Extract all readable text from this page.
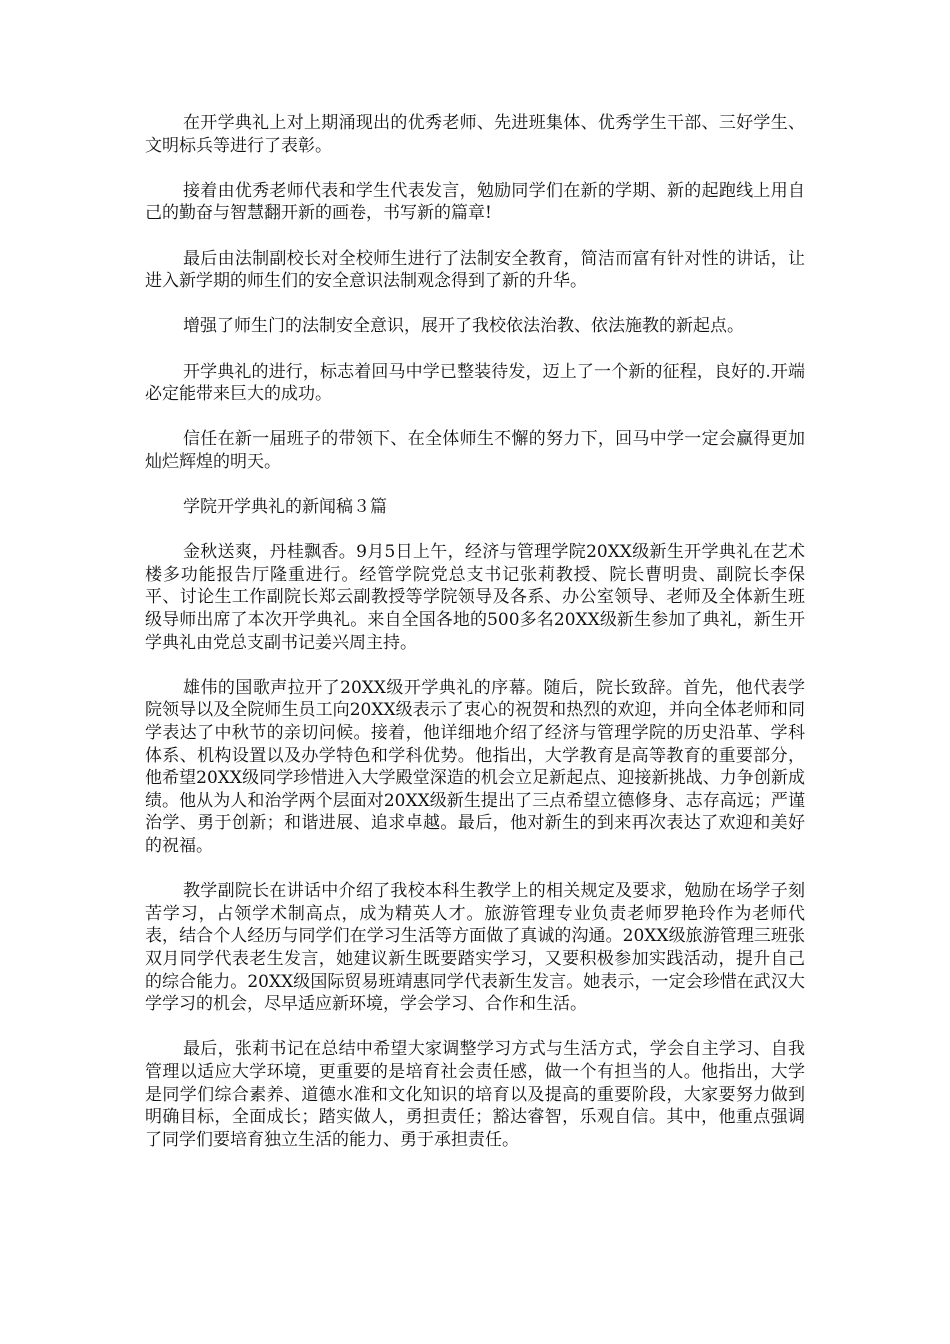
在开学典礼上对上期涌现出的优秀老师、先进班集体、优秀学生干部、三好学生、文明标兵等进行了表彰。

接着由优秀老师代表和学生代表发言，勉励同学们在新的学期、新的起跑线上用自己的勤奋与智慧翻开新的画卷，书写新的篇章!

最后由法制副校长对全校师生进行了法制安全教育，简洁而富有针对性的讲话，让进入新学期的师生们的安全意识法制观念得到了新的升华。

增强了师生门的法制安全意识，展开了我校依法治教、依法施教的新起点。

开学典礼的进行，标志着回马中学已整装待发，迈上了一个新的征程，良好的.开端必定能带来巨大的成功。

信任在新一届班子的带领下、在全体师生不懈的努力下，回马中学一定会赢得更加灿烂辉煌的明天。

学院开学典礼的新闻稿３篇

金秋送爽，丹桂飘香。9月5日上午，经济与管理学院20XX级新生开学典礼在艺术楼多功能报告厅隆重进行。经管学院党总支书记张莉教授、院长曹明贵、副院长李保平、讨论生工作副院长郑云副教授等学院领导及各系、办公室领导、老师及全体新生班级导师出席了本次开学典礼。来自全国各地的500多名20XX级新生参加了典礼，新生开学典礼由党总支副书记姜兴周主持。

雄伟的国歌声拉开了20XX级开学典礼的序幕。随后，院长致辞。首先，他代表学院领导以及全院师生员工向20XX级表示了衷心的祝贺和热烈的欢迎，并向全体老师和同学表达了中秋节的亲切问候。接着，他详细地介绍了经济与管理学院的历史沿革、学科体系、机构设置以及办学特色和学科优势。他指出，大学教育是高等教育的重要部分，他希望20XX级同学珍惜进入大学殿堂深造的机会立足新起点、迎接新挑战、力争创新成绩。他从为人和治学两个层面对20XX级新生提出了三点希望立德修身、志存高远；严谨治学、勇于创新；和谐进展、追求卓越。最后，他对新生的到来再次表达了欢迎和美好的祝福。

教学副院长在讲话中介绍了我校本科生教学上的相关规定及要求，勉励在场学子刻苦学习，占领学术制高点，成为精英人才。旅游管理专业负责老师罗艳玲作为老师代表，结合个人经历与同学们在学习生活等方面做了真诚的沟通。20XX级旅游管理三班张双月同学代表老生发言，她建议新生既要踏实学习，又要积极参加实践活动，提升自己的综合能力。20XX级国际贸易班靖惠同学代表新生发言。她表示，一定会珍惜在武汉大学学习的机会，尽早适应新环境，学会学习、合作和生活。

最后，张莉书记在总结中希望大家调整学习方式与生活方式，学会自主学习、自我管理以适应大学环境，更重要的是培育社会责任感，做一个有担当的人。他指出，大学是同学们综合素养、道德水准和文化知识的培育以及提高的重要阶段，大家要努力做到明确目标，全面成长；踏实做人，勇担责任；豁达睿智，乐观自信。其中，他重点强调了同学们要培育独立生活的能力、勇于承担责任。
